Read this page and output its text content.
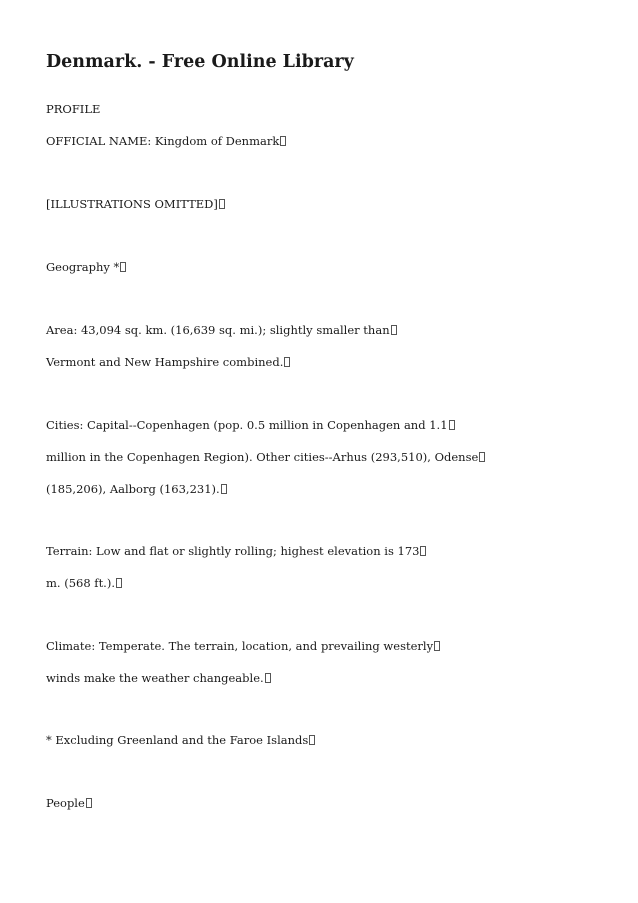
Denmark. - Free Online Library

PROFILE

OFFICIAL NAME: Kingdom of Denmark

[ILLUSTRATIONS OMITTED]

Geography *

Area: 43,094 sq. km. (16,639 sq. mi.); slightly smaller than

Vermont and New Hampshire combined.

Cities: Capital--Copenhagen (pop. 0.5 million in Copenhagen and 1.1

million in the Copenhagen Region). Other cities--Arhus (293,510), Odense

(185,206), Aalborg (163,231).

Terrain: Low and flat or slightly rolling; highest elevation is 173

m. (568 ft.).

Climate: Temperate. The terrain, location, and prevailing westerly

winds make the weather changeable.

* Excluding Greenland and the Faroe Islands

People
